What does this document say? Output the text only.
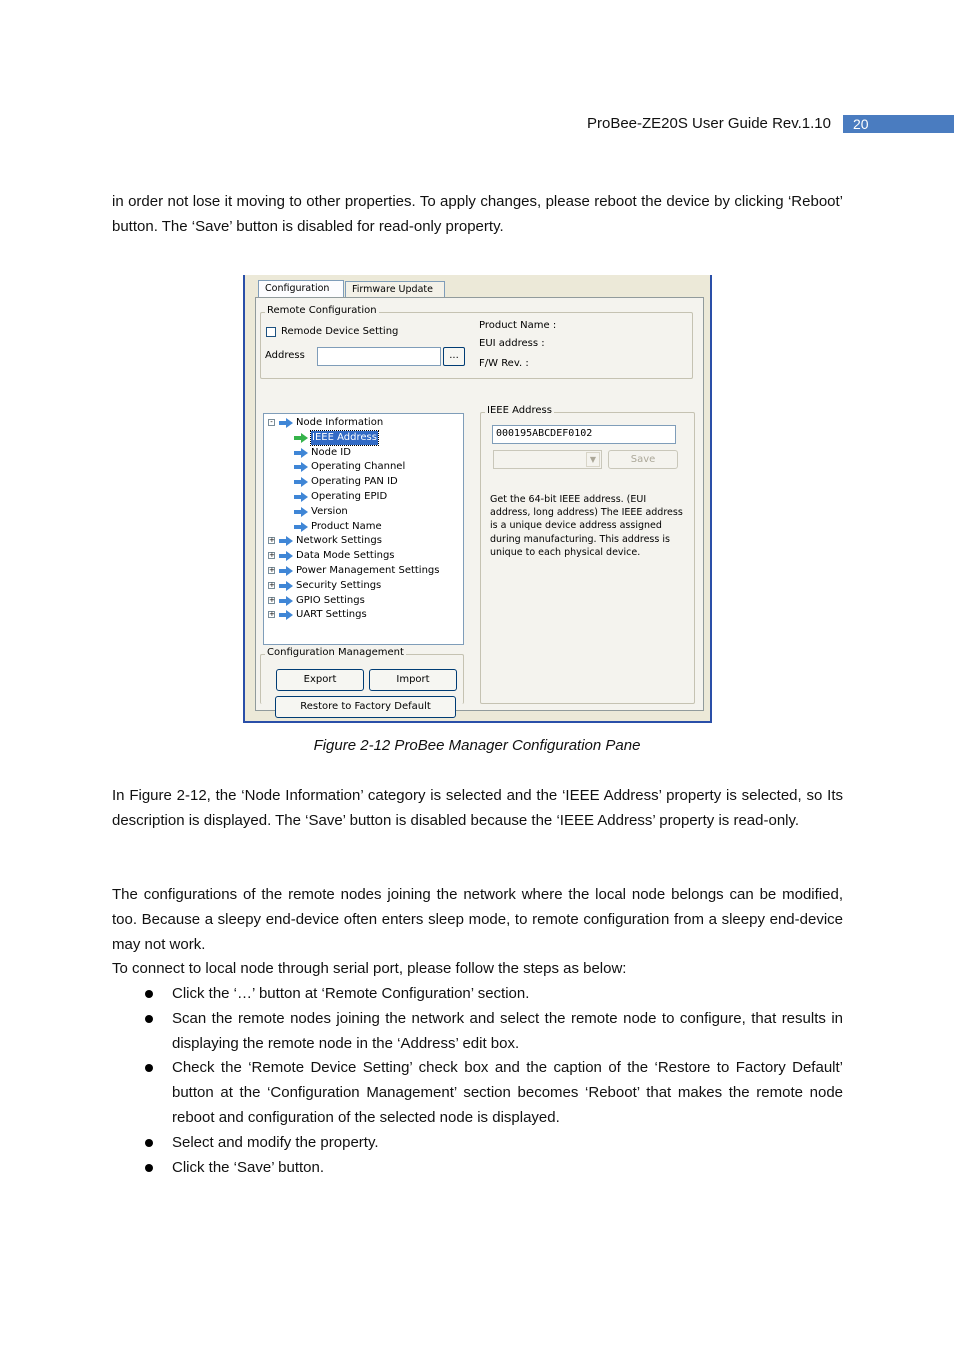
ProBee-ZE20S User Guide Rev.1.10	20

in order not lose it moving to other properties. To apply changes, please reboot the device by clicking ‘Reboot’ button. The ‘Save’ button is disabled for read-only property.

Configuration	Firmware Update
Remote Configuration
Remode Device Setting
Address	...
Product Name :
EUI address :
F/W Rev. :
- Node Information
IEEE Address
Node ID
Operating Channel
Operating PAN ID
Operating EPID
Version
Product Name
+ Network Settings
+ Data Mode Settings
+ Power Management Settings
+ Security Settings
+ GPIO Settings
+ UART Settings
IEEE Address
000195ABCDEF0102
▼	Save
Get the 64-bit IEEE address. (EUI address, long address) The IEEE address is a unique device address assigned during manufacturing. This address is unique to each physical device.
Configuration Management
Export	Import
Restore to Factory Default
Figure 2-12 ProBee Manager Configuration Pane

In Figure 2-12, the ‘Node Information’ category is selected and the ‘IEEE Address’ property is selected, so Its description is displayed. The ‘Save’ button is disabled because the ‘IEEE Address’ property is read-only.

The configurations of the remote nodes joining the network where the local node belongs can be modified, too. Because a sleepy end-device often enters sleep mode, to remote configuration from a sleepy end-device may not work.

To connect to local node through serial port, please follow the steps as below:

Click the ‘…’ button at ‘Remote Configuration’ section.
Scan the remote nodes joining the network and select the remote node to configure, that results in displaying the remote node in the ‘Address’ edit box.
Check the ‘Remote Device Setting’ check box and the caption of the ‘Restore to Factory Default’ button at the ‘Configuration Management’ section becomes ‘Reboot’ that makes the remote node reboot and configuration of the selected node is displayed.
Select and modify the property.
Click the ‘Save’ button.
